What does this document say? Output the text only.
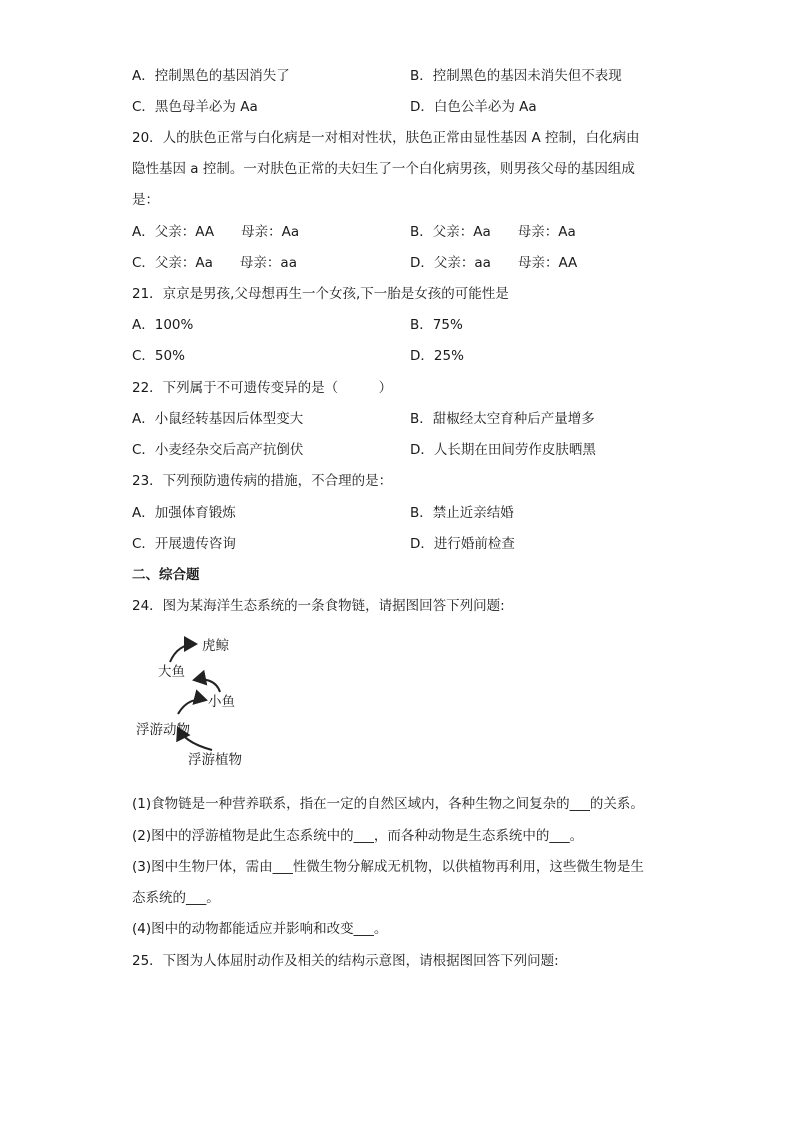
A．控制黑色的基因消失了	B．控制黑色的基因未消失但不表现
C．黑色母羊必为 Aa	D．白色公羊必为 Aa
20．人的肤色正常与白化病是一对相对性状，肤色正常由显性基因 A 控制，白化病由
隐性基因 a 控制。一对肤色正常的夫妇生了一个白化病男孩，则男孩父母的基因组成
是：
A．父亲：AA　　母亲：Aa	B．父亲：Aa　　母亲：Aa
C．父亲：Aa　　母亲：aa	D．父亲：aa　　母亲：AA
21．京京是男孩,父母想再生一个女孩,下一胎是女孩的可能性是
A．100%	B．75%
C．50%	D．25%
22．下列属于不可遗传变异的是（　　　）
A．小鼠经转基因后体型变大	B．甜椒经太空育种后产量增多
C．小麦经杂交后高产抗倒伏	D．人长期在田间劳作皮肤晒黑
23．下列预防遗传病的措施，不合理的是：
A．加强体育锻炼	B．禁止近亲结婚
C．开展遗传咨询	D．进行婚前检查
二、综合题
24．图为某海洋生态系统的一条食物链，请据图回答下列问题:
虎鲸
大鱼
小鱼
浮游动物
浮游植物
(1)食物链是一种营养联系，指在一定的自然区域内，各种生物之间复杂的___的关系。
(2)图中的浮游植物是此生态系统中的___，而各种动物是生态系统中的___。
(3)图中生物尸体，需由___性微生物分解成无机物，以供植物再利用，这些微生物是生
态系统的___。
(4)图中的动物都能适应并影响和改变___。
25．下图为人体屈肘动作及相关的结构示意图，请根据图回答下列问题:
